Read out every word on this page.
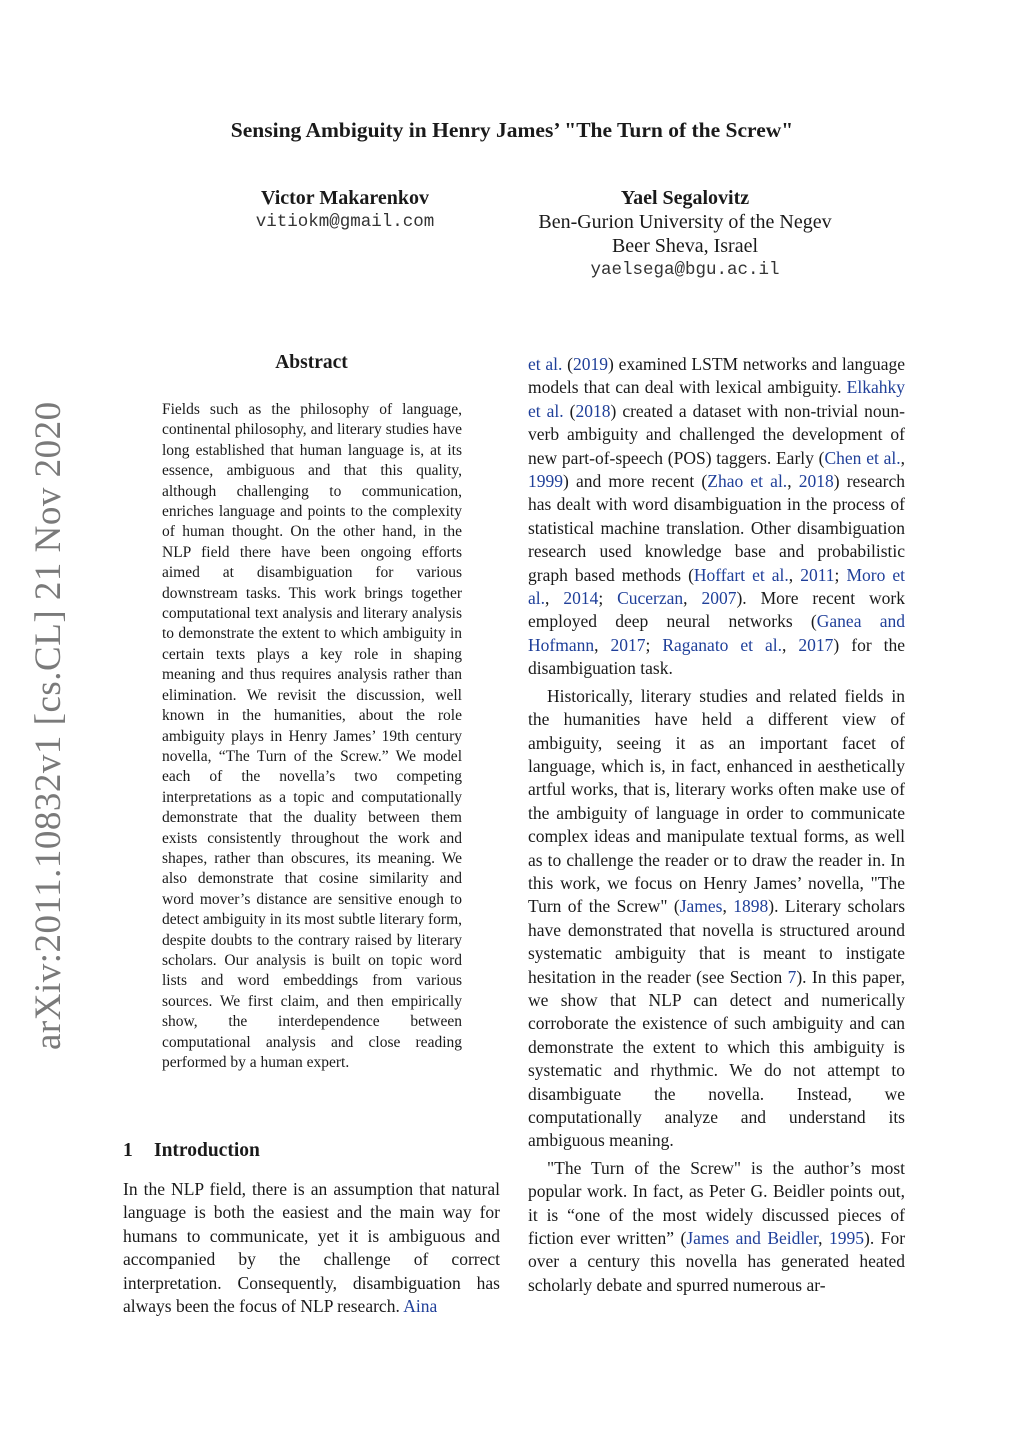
Sensing Ambiguity in Henry James’ "The Turn of the Screw"
Victor Makarenkov
vitiokm@gmail.com
Yael Segalovitz
Ben-Gurion University of the Negev
Beer Sheva, Israel
yaelsega@bgu.ac.il
arXiv:2011.10832v1 [cs.CL] 21 Nov 2020
Abstract
Fields such as the philosophy of language, continental philosophy, and literary studies have long established that human language is, at its essence, ambiguous and that this quality, although challenging to communication, enriches language and points to the complexity of human thought. On the other hand, in the NLP field there have been ongoing efforts aimed at disambiguation for various downstream tasks. This work brings together computational text analysis and literary analysis to demonstrate the extent to which ambiguity in certain texts plays a key role in shaping meaning and thus requires analysis rather than elimination. We revisit the discussion, well known in the humanities, about the role ambiguity plays in Henry James’ 19th century novella, “The Turn of the Screw.” We model each of the novella’s two competing interpretations as a topic and computationally demonstrate that the duality between them exists consistently throughout the work and shapes, rather than obscures, its meaning. We also demonstrate that cosine similarity and word mover’s distance are sensitive enough to detect ambiguity in its most subtle literary form, despite doubts to the contrary raised by literary scholars. Our analysis is built on topic word lists and word embeddings from various sources. We first claim, and then empirically show, the interdependence between computational analysis and close reading performed by a human expert.
1 Introduction
In the NLP field, there is an assumption that natural language is both the easiest and the main way for humans to communicate, yet it is ambiguous and accompanied by the challenge of correct interpretation. Consequently, disambiguation has always been the focus of NLP research. Aina

et al. (2019) examined LSTM networks and language models that can deal with lexical ambiguity. Elkahky et al. (2018) created a dataset with non-trivial noun-verb ambiguity and challenged the development of new part-of-speech (POS) taggers. Early (Chen et al., 1999) and more recent (Zhao et al., 2018) research has dealt with word disambiguation in the process of statistical machine translation. Other disambiguation research used knowledge base and probabilistic graph based methods (Hoffart et al., 2011; Moro et al., 2014; Cucerzan, 2007). More recent work employed deep neural networks (Ganea and Hofmann, 2017; Raganato et al., 2017) for the disambiguation task.

Historically, literary studies and related fields in the humanities have held a different view of ambiguity, seeing it as an important facet of language, which is, in fact, enhanced in aesthetically artful works, that is, literary works often make use of the ambiguity of language in order to communicate complex ideas and manipulate textual forms, as well as to challenge the reader or to draw the reader in. In this work, we focus on Henry James’ novella, "The Turn of the Screw" (James, 1898). Literary scholars have demonstrated that novella is structured around systematic ambiguity that is meant to instigate hesitation in the reader (see Section 7). In this paper, we show that NLP can detect and numerically corroborate the existence of such ambiguity and can demonstrate the extent to which this ambiguity is systematic and rhythmic. We do not attempt to disambiguate the novella. Instead, we computationally analyze and understand its ambiguous meaning.

"The Turn of the Screw" is the author’s most popular work. In fact, as Peter G. Beidler points out, it is “one of the most widely discussed pieces of fiction ever written” (James and Beidler, 1995). For over a century this novella has generated heated scholarly debate and spurred numerous ar-
